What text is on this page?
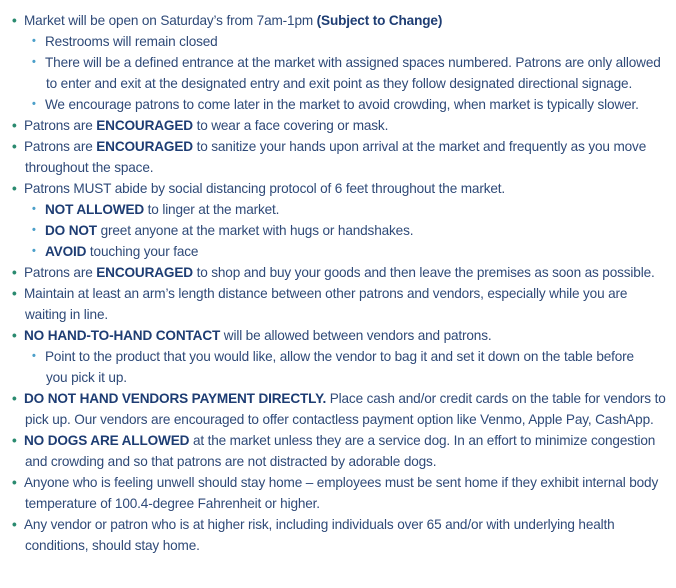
• Market will be open on Saturday’s from 7am-1pm (Subject to Change)
• Restrooms will remain closed
• There will be a defined entrance at the market with assigned spaces numbered. Patrons are only allowed
to enter and exit at the designated entry and exit point as they follow designated directional signage.
• We encourage patrons to come later in the market to avoid crowding, when market is typically slower.
• Patrons are ENCOURAGED to wear a face covering or mask.
• Patrons are ENCOURAGED to sanitize your hands upon arrival at the market and frequently as you move
throughout the space.
• Patrons MUST abide by social distancing protocol of 6 feet throughout the market.
• NOT ALLOWED to linger at the market.
• DO NOT greet anyone at the market with hugs or handshakes.
• AVOID touching your face
• Patrons are ENCOURAGED to shop and buy your goods and then leave the premises as soon as possible.
• Maintain at least an arm’s length distance between other patrons and vendors, especially while you are
waiting in line.
• NO HAND-TO-HAND CONTACT will be allowed between vendors and patrons.
• Point to the product that you would like, allow the vendor to bag it and set it down on the table before
you pick it up.
• DO NOT HAND VENDORS PAYMENT DIRECTLY. Place cash and/or credit cards on the table for vendors to
pick up. Our vendors are encouraged to offer contactless payment option like Venmo, Apple Pay, CashApp.
• NO DOGS ARE ALLOWED at the market unless they are a service dog. In an effort to minimize congestion
and crowding and so that patrons are not distracted by adorable dogs.
• Anyone who is feeling unwell should stay home – employees must be sent home if they exhibit internal body
temperature of 100.4-degree Fahrenheit or higher.
• Any vendor or patron who is at higher risk, including individuals over 65 and/or with underlying health
conditions, should stay home.
